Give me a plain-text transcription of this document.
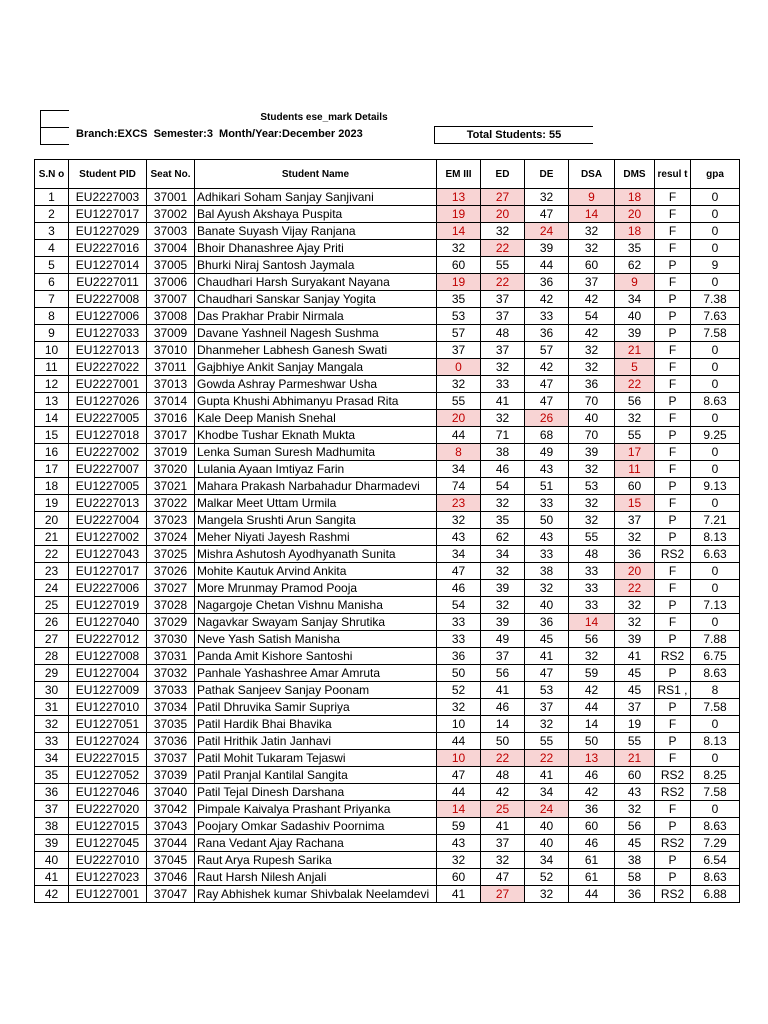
Students ese_mark Details
Branch:EXCS  Semester:3  Month/Year:December 2023	Total Students: 55
S.N o	Student PID	Seat No.	Student Name	EM III	ED	DE	DSA	DMS	resul t	gpa
1	EU2227003	37001	Adhikari Soham Sanjay Sanjivani	13	27	32	9	18	F	0
2	EU1227017	37002	Bal Ayush Akshaya Puspita	19	20	47	14	20	F	0
3	EU1227029	37003	Banate Suyash Vijay Ranjana	14	32	24	32	18	F	0
4	EU2227016	37004	Bhoir Dhanashree Ajay Priti	32	22	39	32	35	F	0
5	EU1227014	37005	Bhurki Niraj Santosh Jaymala	60	55	44	60	62	P	9
6	EU2227011	37006	Chaudhari Harsh Suryakant Nayana	19	22	36	37	9	F	0
7	EU2227008	37007	Chaudhari Sanskar Sanjay Yogita	35	37	42	42	34	P	7.38
8	EU1227006	37008	Das Prakhar Prabir Nirmala	53	37	33	54	40	P	7.63
9	EU1227033	37009	Davane Yashneil Nagesh Sushma	57	48	36	42	39	P	7.58
10	EU1227013	37010	Dhanmeher Labhesh Ganesh Swati	37	37	57	32	21	F	0
11	EU2227022	37011	Gajbhiye Ankit Sanjay Mangala	0	32	42	32	5	F	0
12	EU2227001	37013	Gowda Ashray Parmeshwar Usha	32	33	47	36	22	F	0
13	EU1227026	37014	Gupta Khushi Abhimanyu Prasad Rita	55	41	47	70	56	P	8.63
14	EU2227005	37016	Kale Deep Manish Snehal	20	32	26	40	32	F	0
15	EU1227018	37017	Khodbe Tushar Eknath Mukta	44	71	68	70	55	P	9.25
16	EU2227002	37019	Lenka Suman Suresh Madhumita	8	38	49	39	17	F	0
17	EU2227007	37020	Lulania Ayaan Imtiyaz Farin	34	46	43	32	11	F	0
18	EU1227005	37021	Mahara Prakash Narbahadur Dharmadevi	74	54	51	53	60	P	9.13
19	EU2227013	37022	Malkar Meet Uttam Urmila	23	32	33	32	15	F	0
20	EU2227004	37023	Mangela Srushti Arun Sangita	32	35	50	32	37	P	7.21
21	EU1227002	37024	Meher Niyati Jayesh Rashmi	43	62	43	55	32	P	8.13
22	EU1227043	37025	Mishra Ashutosh Ayodhyanath Sunita	34	34	33	48	36	RS2	6.63
23	EU1227017	37026	Mohite Kautuk Arvind Ankita	47	32	38	33	20	F	0
24	EU2227006	37027	More Mrunmay Pramod Pooja	46	39	32	33	22	F	0
25	EU1227019	37028	Nagargoje Chetan Vishnu Manisha	54	32	40	33	32	P	7.13
26	EU1227040	37029	Nagavkar Swayam Sanjay Shrutika	33	39	36	14	32	F	0
27	EU2227012	37030	Neve Yash Satish Manisha	33	49	45	56	39	P	7.88
28	EU1227008	37031	Panda Amit Kishore Santoshi	36	37	41	32	41	RS2	6.75
29	EU1227004	37032	Panhale Yashashree Amar Amruta	50	56	47	59	45	P	8.63
30	EU1227009	37033	Pathak Sanjeev Sanjay Poonam	52	41	53	42	45	RS1 ,	8
31	EU1227010	37034	Patil Dhruvika Samir Supriya	32	46	37	44	37	P	7.58
32	EU1227051	37035	Patil Hardik Bhai Bhavika	10	14	32	14	19	F	0
33	EU1227024	37036	Patil Hrithik Jatin Janhavi	44	50	55	50	55	P	8.13
34	EU2227015	37037	Patil Mohit Tukaram Tejaswi	10	22	22	13	21	F	0
35	EU1227052	37039	Patil Pranjal Kantilal Sangita	47	48	41	46	60	RS2	8.25
36	EU1227046	37040	Patil Tejal Dinesh Darshana	44	42	34	42	43	RS2	7.58
37	EU2227020	37042	Pimpale Kaivalya Prashant Priyanka	14	25	24	36	32	F	0
38	EU1227015	37043	Poojary Omkar Sadashiv Poornima	59	41	40	60	56	P	8.63
39	EU1227045	37044	Rana Vedant Ajay Rachana	43	37	40	46	45	RS2	7.29
40	EU2227010	37045	Raut Arya Rupesh Sarika	32	32	34	61	38	P	6.54
41	EU1227023	37046	Raut Harsh Nilesh Anjali	60	47	52	61	58	P	8.63
42	EU1227001	37047	Ray Abhishek kumar Shivbalak Neelamdevi	41	27	32	44	36	RS2	6.88
